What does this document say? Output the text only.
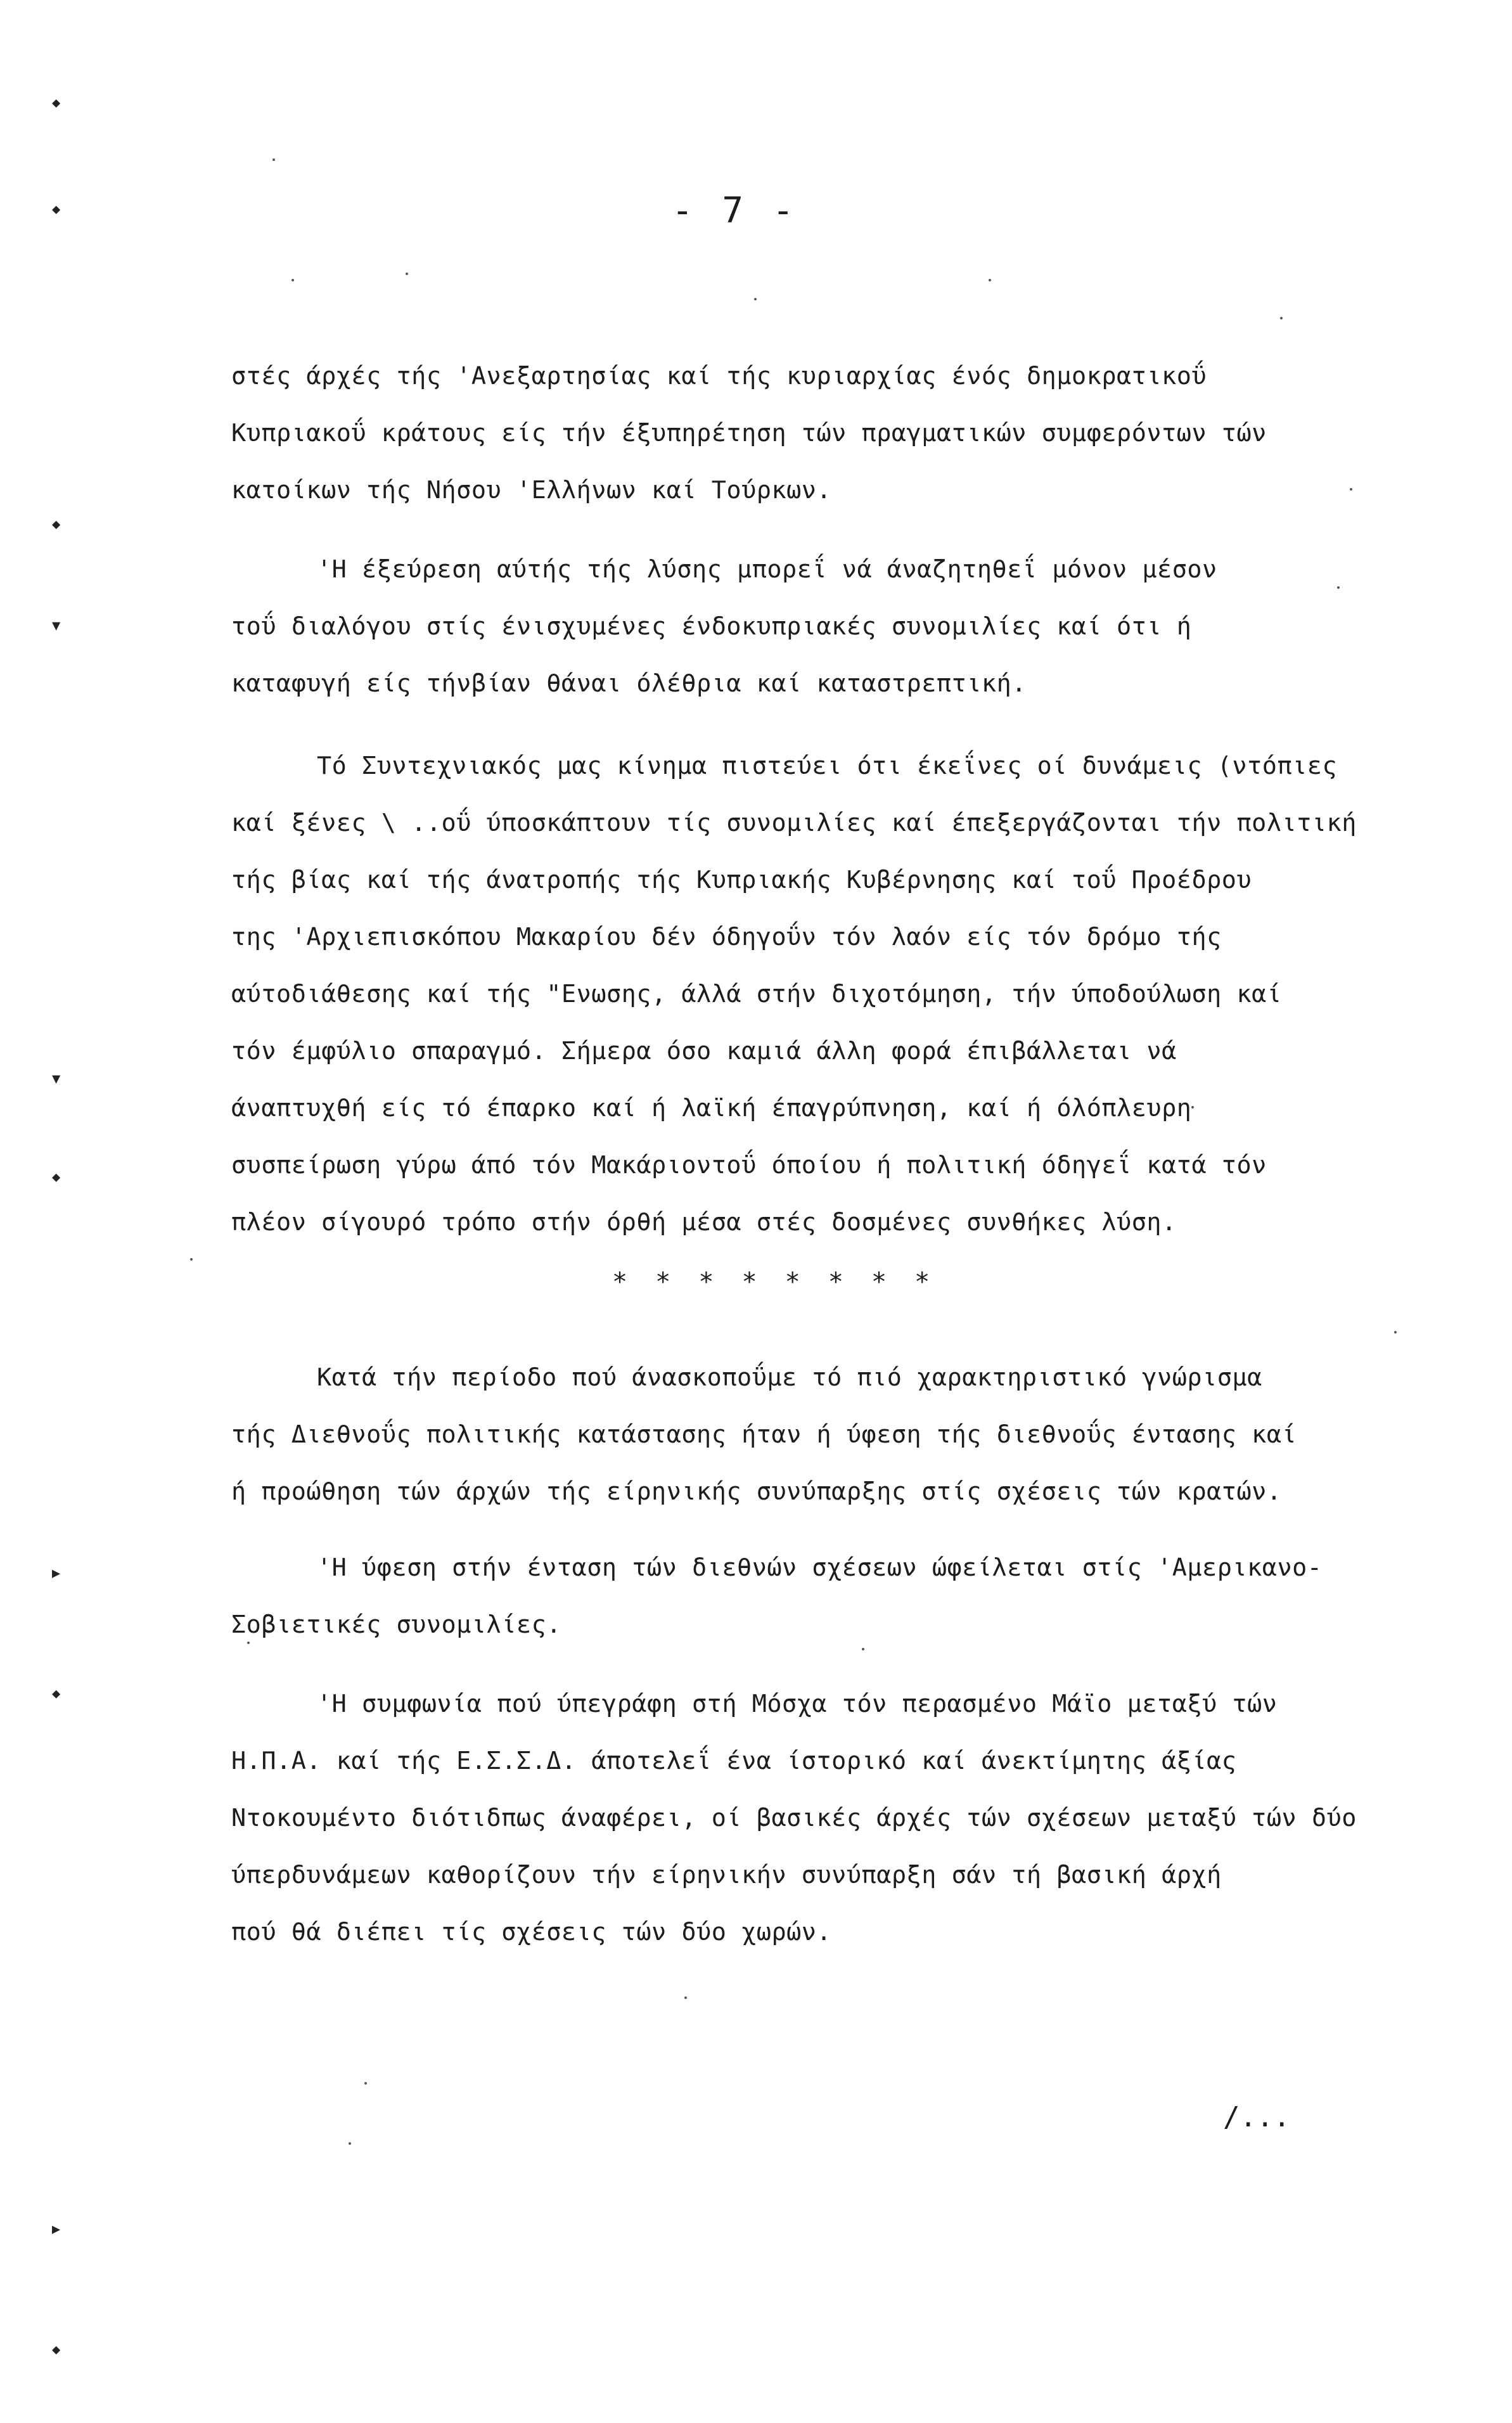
- 7 -
στές άρχές τής 'Ανεξαρτησίας καί τής κυριαρχίας ένός δημοκρατικοΰ
Κυπριακοΰ κράτους είς τήν έξυπηρέτηση τών πραγματικών συμφερόντων τών
κατοίκων τής Νήσου 'Ελλήνων καί Τούρκων.
'Η έξεύρεση αύτής τής λύσης μπορεΐ νά άναζητηθεΐ μόνον μέσον
τοΰ διαλόγου στίς ένισχυμένες ένδοκυπριακές συνομιλίες καί ότι ή
καταφυγή είς τήνβίαν θάναι όλέθρια καί καταστρεπτική.
Τό Συντεχνιακός μας κίνημα πιστεύει ότι έκεΐνες οί δυνάμεις (ντόπιες
καί ξένες \ ..οΰ ύποσκάπτουν τίς συνομιλίες καί έπεξεργάζονται τήν πολιτική
τής βίας καί τής άνατροπής τής Κυπριακής Κυβέρνησης καί τοΰ Προέδρου
της 'Αρχιεπισκόπου Μακαρίου δέν όδηγοΰν τόν λαόν είς τόν δρόμο τής
αύτοδιάθεσης καί τής "Ενωσης, άλλά στήν διχοτόμηση, τήν ύποδούλωση καί
τόν έμφύλιο σπαραγμό. Σήμερα όσο καμιά άλλη φορά έπιβάλλεται νά
άναπτυχθή είς τό έπαρκο καί ή λαϊκή έπαγρύπνηση, καί ή όλόπλευρη
συσπείρωση γύρω άπό τόν Μακάριοντοΰ όποίου ή πολιτική όδηγεΐ κατά τόν
πλέον σίγουρό τρόπο στήν όρθή μέσα στές δοσμένες συνθήκες λύση.
* * * * * * * *
Κατά τήν περίοδο πού άνασκοποΰμε τό πιό χαρακτηριστικό γνώρισμα
τής Διεθνοΰς πολιτικής κατάστασης ήταν ή ύφεση τής διεθνοΰς έντασης καί
ή προώθηση τών άρχών τής είρηνικής συνύπαρξης στίς σχέσεις τών κρατών.
'Η ύφεση στήν ένταση τών διεθνών σχέσεων ώφείλεται στίς 'Αμερικανο-
Σοβιετικές συνομιλίες.
'Η συμφωνία πού ύπεγράφη στή Μόσχα τόν περασμένο Μάϊο μεταξύ τών
Η.Π.Α. καί τής Ε.Σ.Σ.Δ. άποτελεΐ ένα ίστορικό καί άνεκτίμητης άξίας
Ντοκουμέντο διότιδπως άναφέρει, οί βασικές άρχές τών σχέσεων μεταξύ τών δύο
ύπερδυνάμεων καθορίζουν τήν είρηνικήν συνύπαρξη σάν τή βασική άρχή
πού θά διέπει τίς σχέσεις τών δύο χωρών.
/...
◆
◆
◆
▼
▼
◆
▶
◆
▶
◆
